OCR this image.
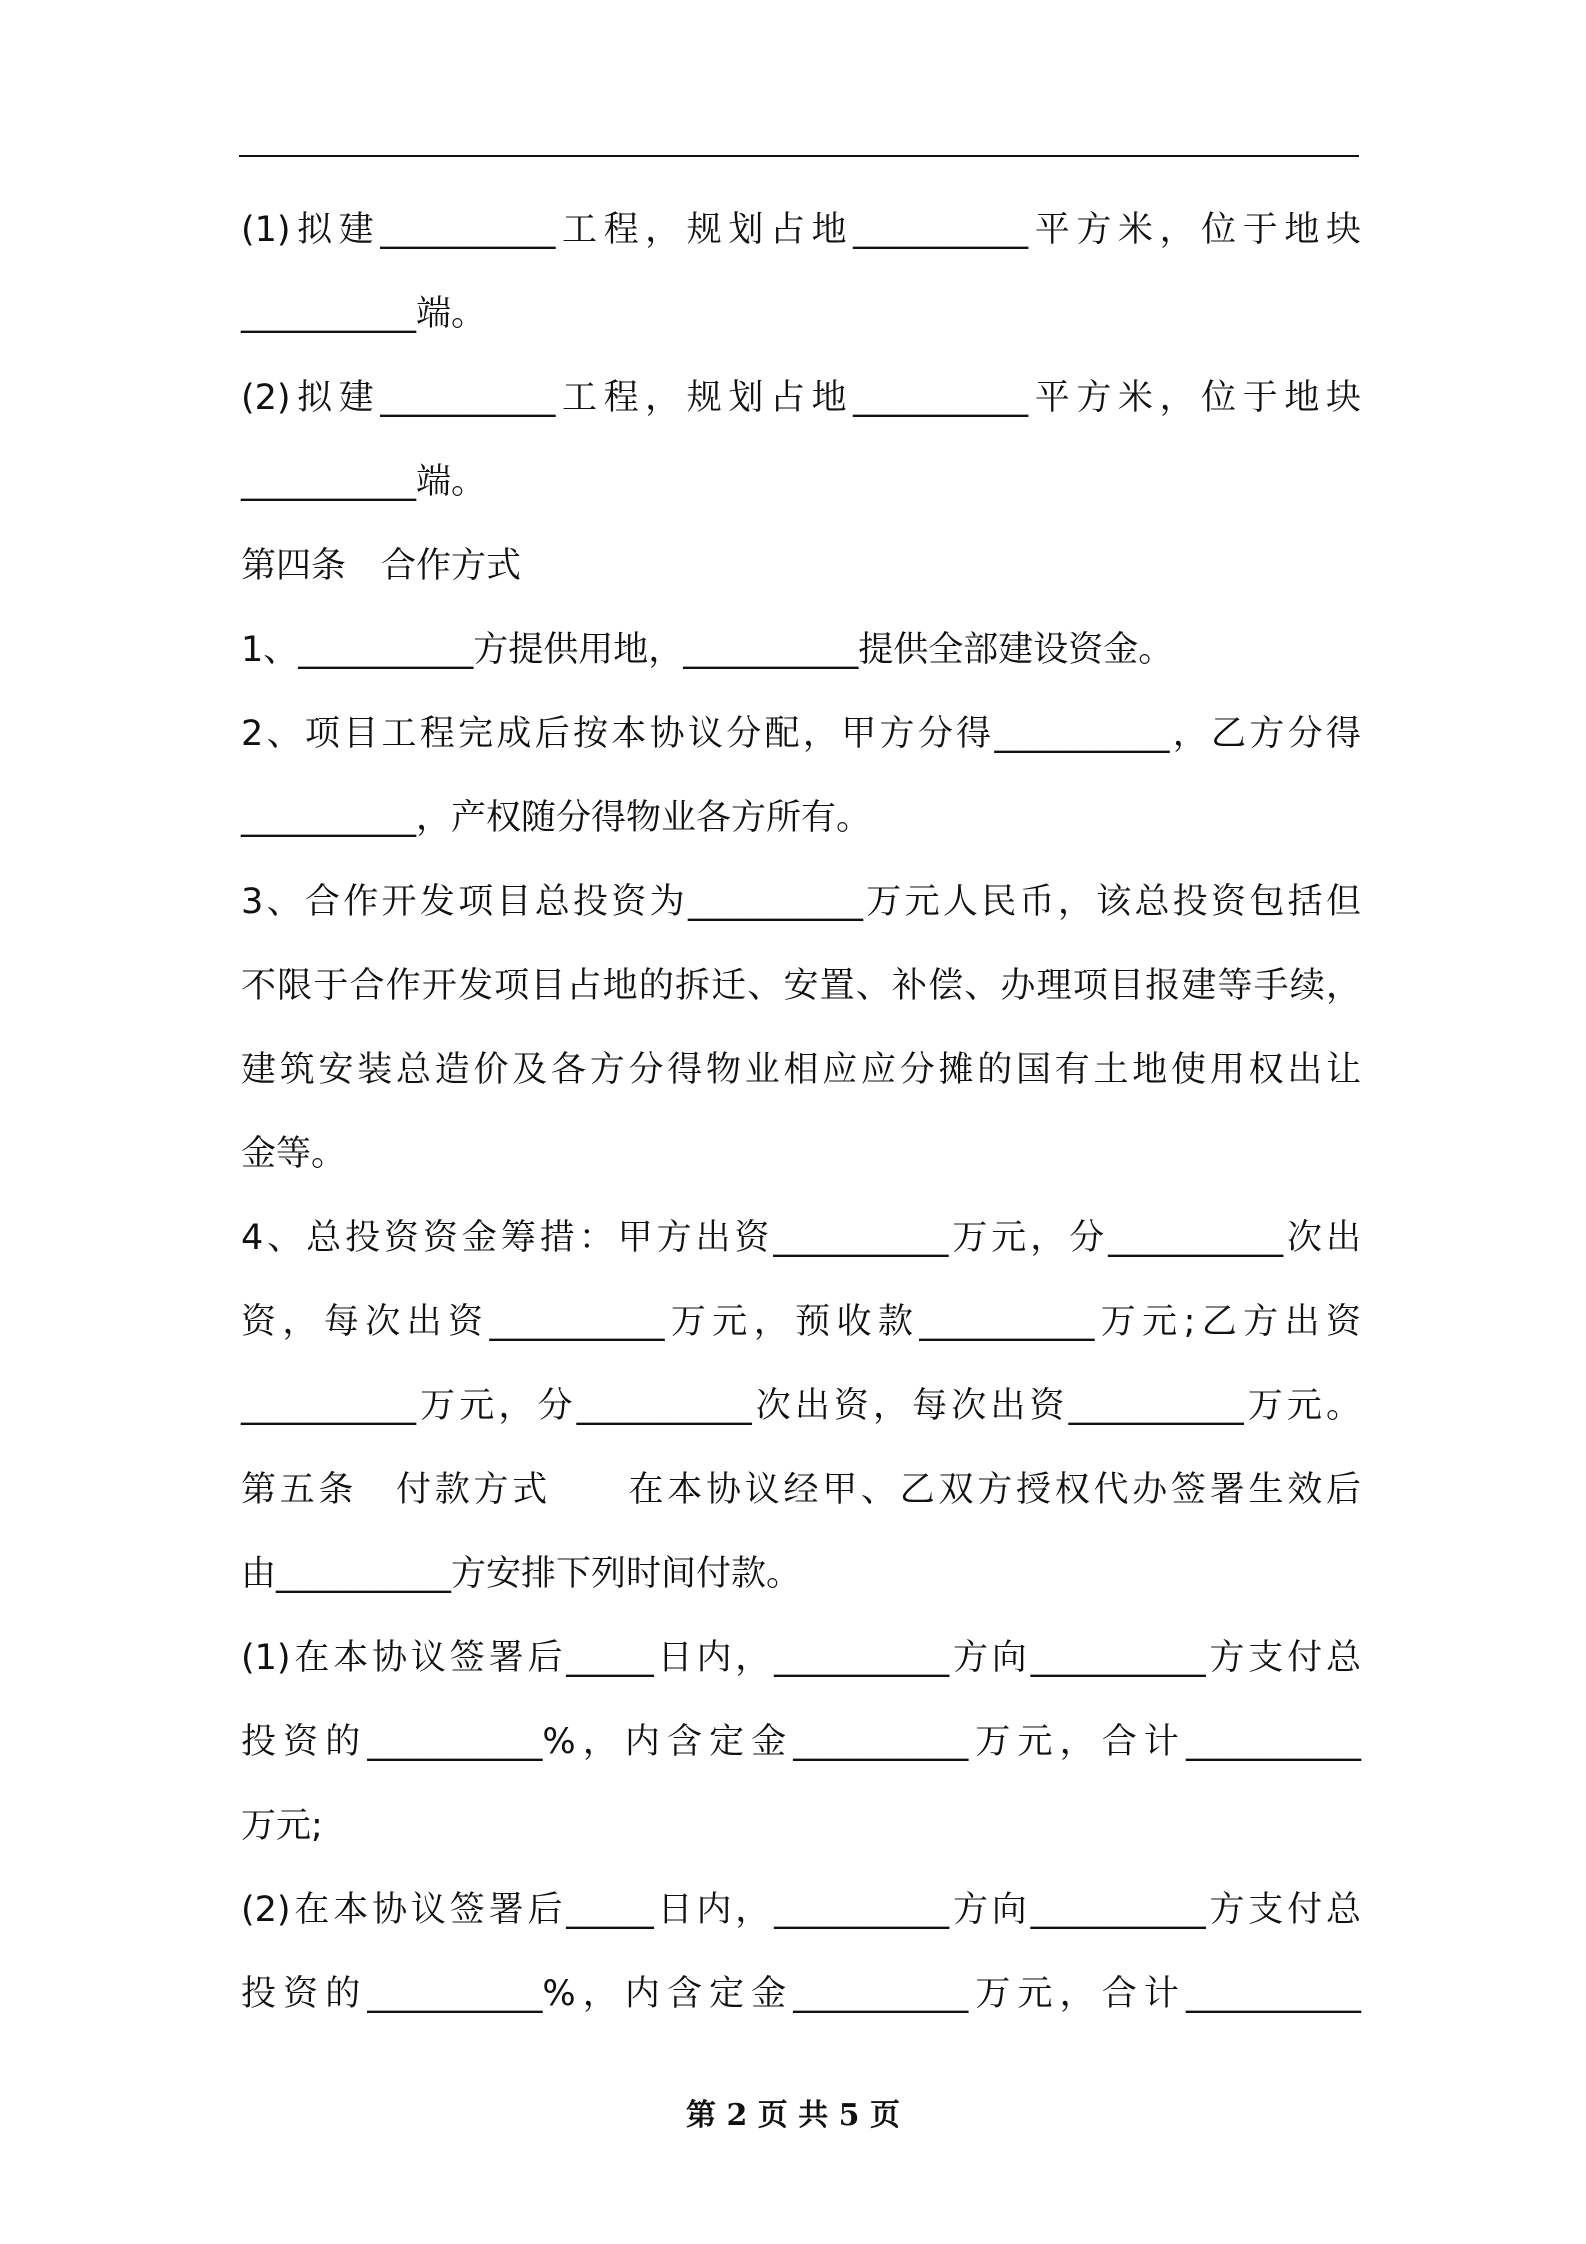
(1)拟建__________工程，规划占地__________平方米，位于地块
__________端。
(2)拟建__________工程，规划占地__________平方米，位于地块
__________端。
第四条　合作方式
1、__________方提供用地，__________提供全部建设资金。
2、项目工程完成后按本协议分配，甲方分得__________，乙方分得
__________，产权随分得物业各方所有。
3、合作开发项目总投资为__________万元人民币，该总投资包括但
不限于合作开发项目占地的拆迁、安置、补偿、办理项目报建等手续，
建筑安装总造价及各方分得物业相应应分摊的国有土地使用权出让
金等。
4、总投资资金筹措：甲方出资__________万元，分__________次出
资，每次出资__________万元，预收款__________万元;乙方出资
__________万元，分__________次出资，每次出资__________万元。
第五条　付款方式　　在本协议经甲、乙双方授权代办签署生效后
由__________方安排下列时间付款。
(1)在本协议签署后_____日内，__________方向__________方支付总
投资的__________%，内含定金__________万元，合计__________
万元;
(2)在本协议签署后_____日内，__________方向__________方支付总
投资的__________%，内含定金__________万元，合计__________
第 2 页 共 5 页
